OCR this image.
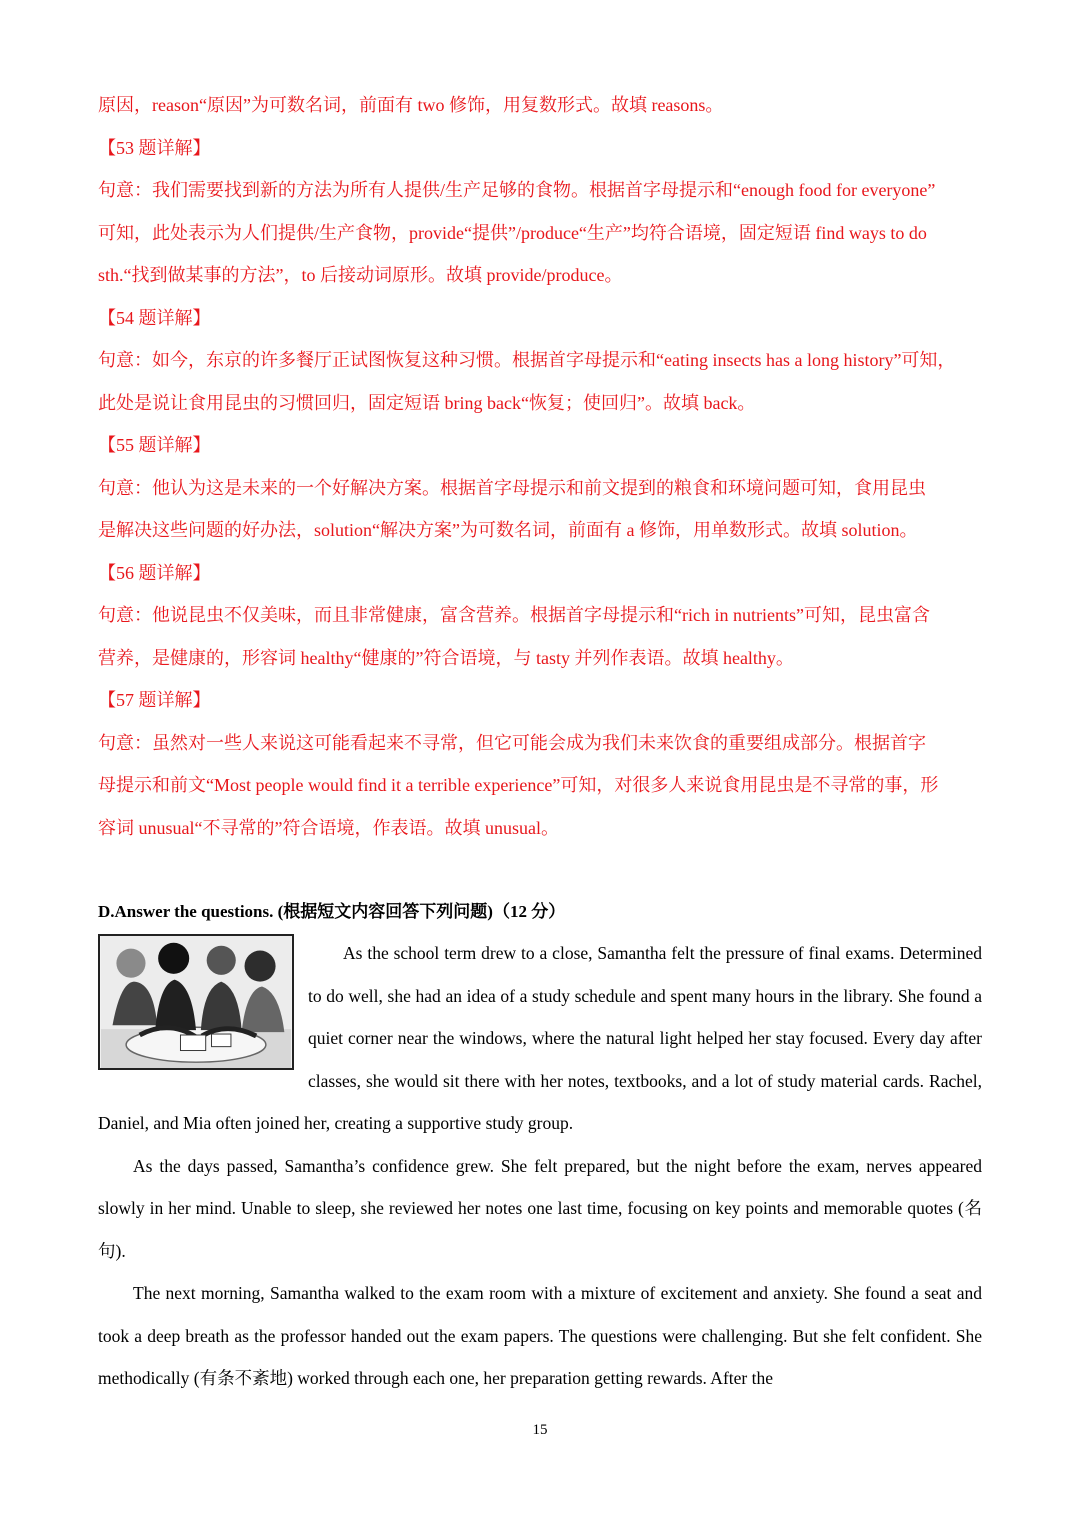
原因，reason“原因”为可数名词，前面有 two 修饰，用复数形式。故填 reasons。

【53 题详解】

句意：我们需要找到新的方法为所有人提供/生产足够的食物。根据首字母提示和“enough food for everyone”

可知，此处表示为人们提供/生产食物，provide“提供”/produce“生产”均符合语境，固定短语 find ways to do

sth.“找到做某事的方法”，to 后接动词原形。故填 provide/produce。

【54 题详解】

句意：如今，东京的许多餐厅正试图恢复这种习惯。根据首字母提示和“eating insects has a long history”可知，

此处是说让食用昆虫的习惯回归，固定短语 bring back“恢复；使回归”。故填 back。

【55 题详解】

句意：他认为这是未来的一个好解决方案。根据首字母提示和前文提到的粮食和环境问题可知，食用昆虫

是解决这些问题的好办法，solution“解决方案”为可数名词，前面有 a 修饰，用单数形式。故填 solution。

【56 题详解】

句意：他说昆虫不仅美味，而且非常健康，富含营养。根据首字母提示和“rich in nutrients”可知，昆虫富含

营养，是健康的，形容词 healthy“健康的”符合语境，与 tasty 并列作表语。故填 healthy。

【57 题详解】

句意：虽然对一些人来说这可能看起来不寻常，但它可能会成为我们未来饮食的重要组成部分。根据首字

母提示和前文“Most people would find it a terrible experience”可知，对很多人来说食用昆虫是不寻常的事，形

容词 unusual“不寻常的”符合语境，作表语。故填 unusual。

D.Answer the questions. (根据短文内容回答下列问题)（12 分）

As the school term drew to a close, Samantha felt the pressure of final exams. Determined to do well, she had an idea of a study schedule and spent many hours in the library. She found a quiet corner near the windows, where the natural light helped her stay focused. Every day after classes, she would sit there with her notes, textbooks, and a lot of study material cards. Rachel, Daniel, and Mia often joined her, creating a supportive study group.

As the days passed, Samantha’s confidence grew. She felt prepared, but the night before the exam, nerves appeared slowly in her mind. Unable to sleep, she reviewed her notes one last time, focusing on key points and memorable quotes (名句).

The next morning, Samantha walked to the exam room with a mixture of excitement and anxiety. She found a seat and took a deep breath as the professor handed out the exam papers. The questions were challenging. But she felt confident. She methodically (有条不紊地) worked through each one, her preparation getting rewards. After the

15
